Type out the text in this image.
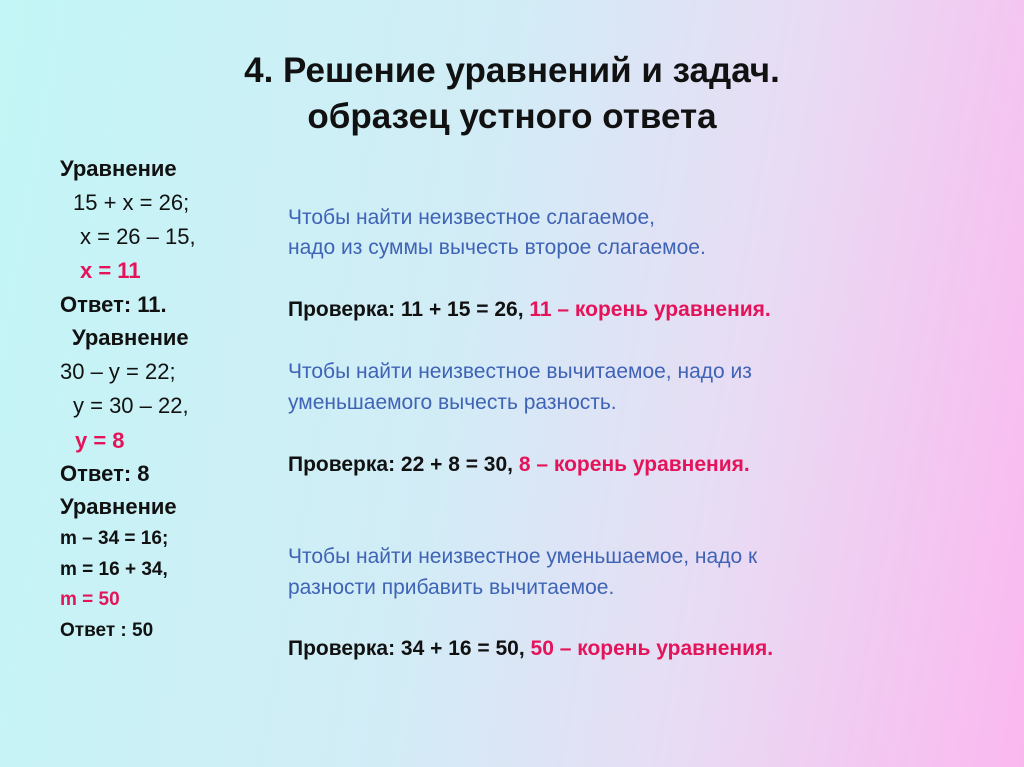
4. Решение уравнений и задач.
образец устного ответа
Уравнение
15 + x = 26;
x = 26 – 15,
x = 11
Ответ: 11.
Уравнение
30 – y = 22;
y = 30 – 22,
y = 8
Ответ: 8
Уравнение
m – 34 = 16;
m = 16 + 34,
m = 50
Ответ : 50
Чтобы найти неизвестное слагаемое,
надо из суммы вычесть второе слагаемое.
Проверка: 11 + 15 = 26, 11 – корень уравнения.
Чтобы найти неизвестное вычитаемое, надо из
уменьшаемого вычесть разность.
Проверка: 22 + 8 = 30, 8 – корень уравнения.
Чтобы найти неизвестное уменьшаемое, надо к
разности прибавить вычитаемое.
Проверка: 34 + 16 = 50, 50 – корень уравнения.
